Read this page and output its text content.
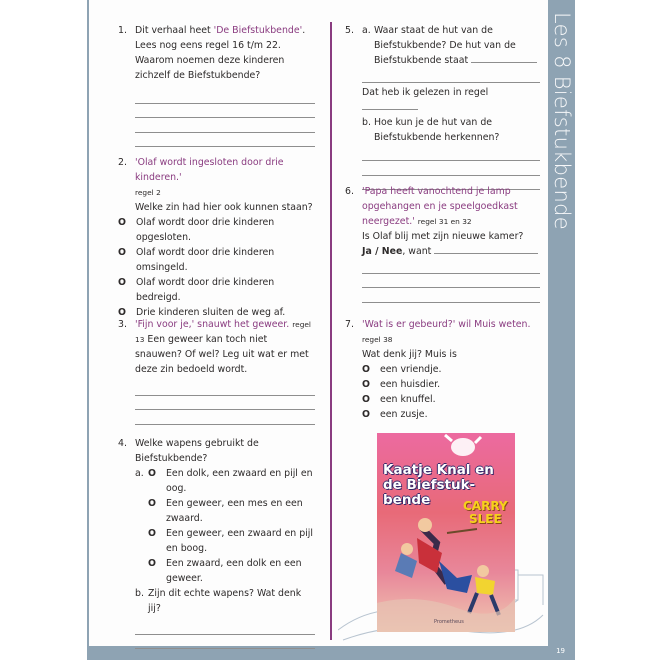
Les 8 Biefstukbende
19
1. Dit verhaal heet 'De Biefstukbende'. Lees nog eens regel 16 t/m 22. Waarom noemen deze kinderen zichzelf de Biefstukbende?
2. 'Olaf wordt ingesloten door drie kinderen.'
regel 2
Welke zin had hier ook kunnen staan?
O Olaf wordt door drie kinderen opgesloten.
O Olaf wordt door drie kinderen omsingeld.
O Olaf wordt door drie kinderen bedreigd.
O Drie kinderen sluiten de weg af.
3. 'Fijn voor je,' snauwt het geweer. regel 13 Een geweer kan toch niet snauwen? Of wel? Leg uit wat er met deze zin bedoeld wordt.
4. Welke wapens gebruikt de Biefstukbende?
a. O Een dolk, een zwaard en pijl en oog.
O Een geweer, een mes en een zwaard.
O Een geweer, een zwaard en pijl en boog.
O Een zwaard, een dolk en een geweer.
b. Zijn dit echte wapens? Wat denk jij?
5. a. Waar staat de hut van de Biefstukbende? De hut van de Biefstukbende staat
Dat heb ik gelezen in regel
b. Hoe kun je de hut van de Biefstukbende herkennen?
6. 'Papa heeft vanochtend je lamp opgehangen en je speelgoedkast neergezet.' regel 31 en 32
Is Olaf blij met zijn nieuwe kamer?
Ja / Nee, want
7. 'Wat is er gebeurd?' wil Muis weten. regel 38
Wat denk jij? Muis is
O een vriendje.
O een huisdier.
O een knuffel.
O een zusje.
Kaatje Knal en de Biefstuk-bende	CARRY
SLEE
Prometheus
